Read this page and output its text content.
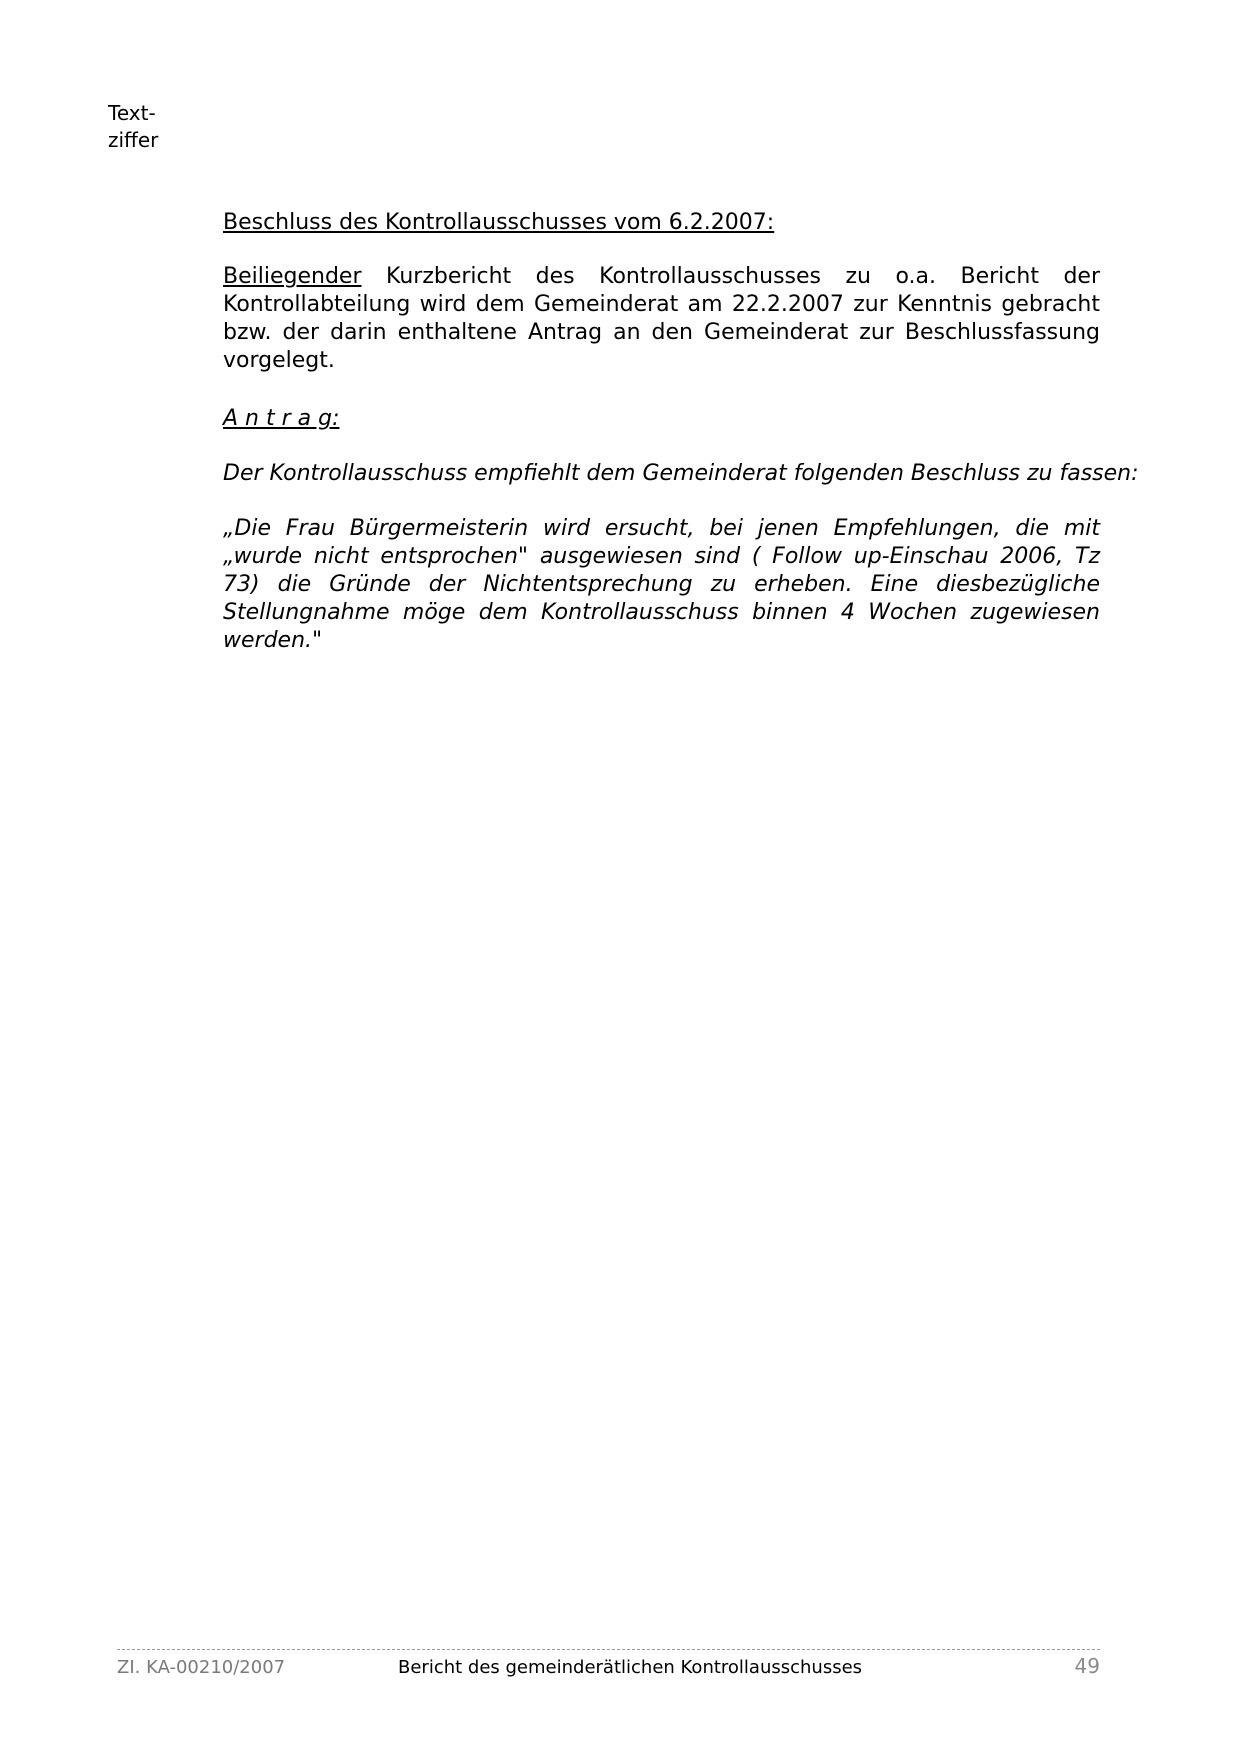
Text-
ziffer
Beschluss des Kontrollausschusses vom 6.2.2007:
Beiliegender Kurzbericht des Kontrollausschusses zu o.a. Bericht der Kontrollabteilung wird dem Gemeinderat am 22.2.2007 zur Kenntnis gebracht bzw. der darin enthaltene Antrag an den Gemeinderat zur Beschlussfassung vorgelegt.
A n t r a g:
Der Kontrollausschuss empfiehlt dem Gemeinderat folgenden Beschluss zu fassen:
„Die Frau Bürgermeisterin wird ersucht, bei jenen Empfehlungen, die mit „wurde nicht entsprochen" ausgewiesen sind ( Follow up-Einschau 2006, Tz 73) die Gründe der Nichtentsprechung zu erheben. Eine diesbezügliche Stellungnahme möge dem Kontrollausschuss binnen 4 Wochen zugewiesen werden."
ZI. KA-00210/2007	Bericht des gemeinderätlichen Kontrollausschusses	49
